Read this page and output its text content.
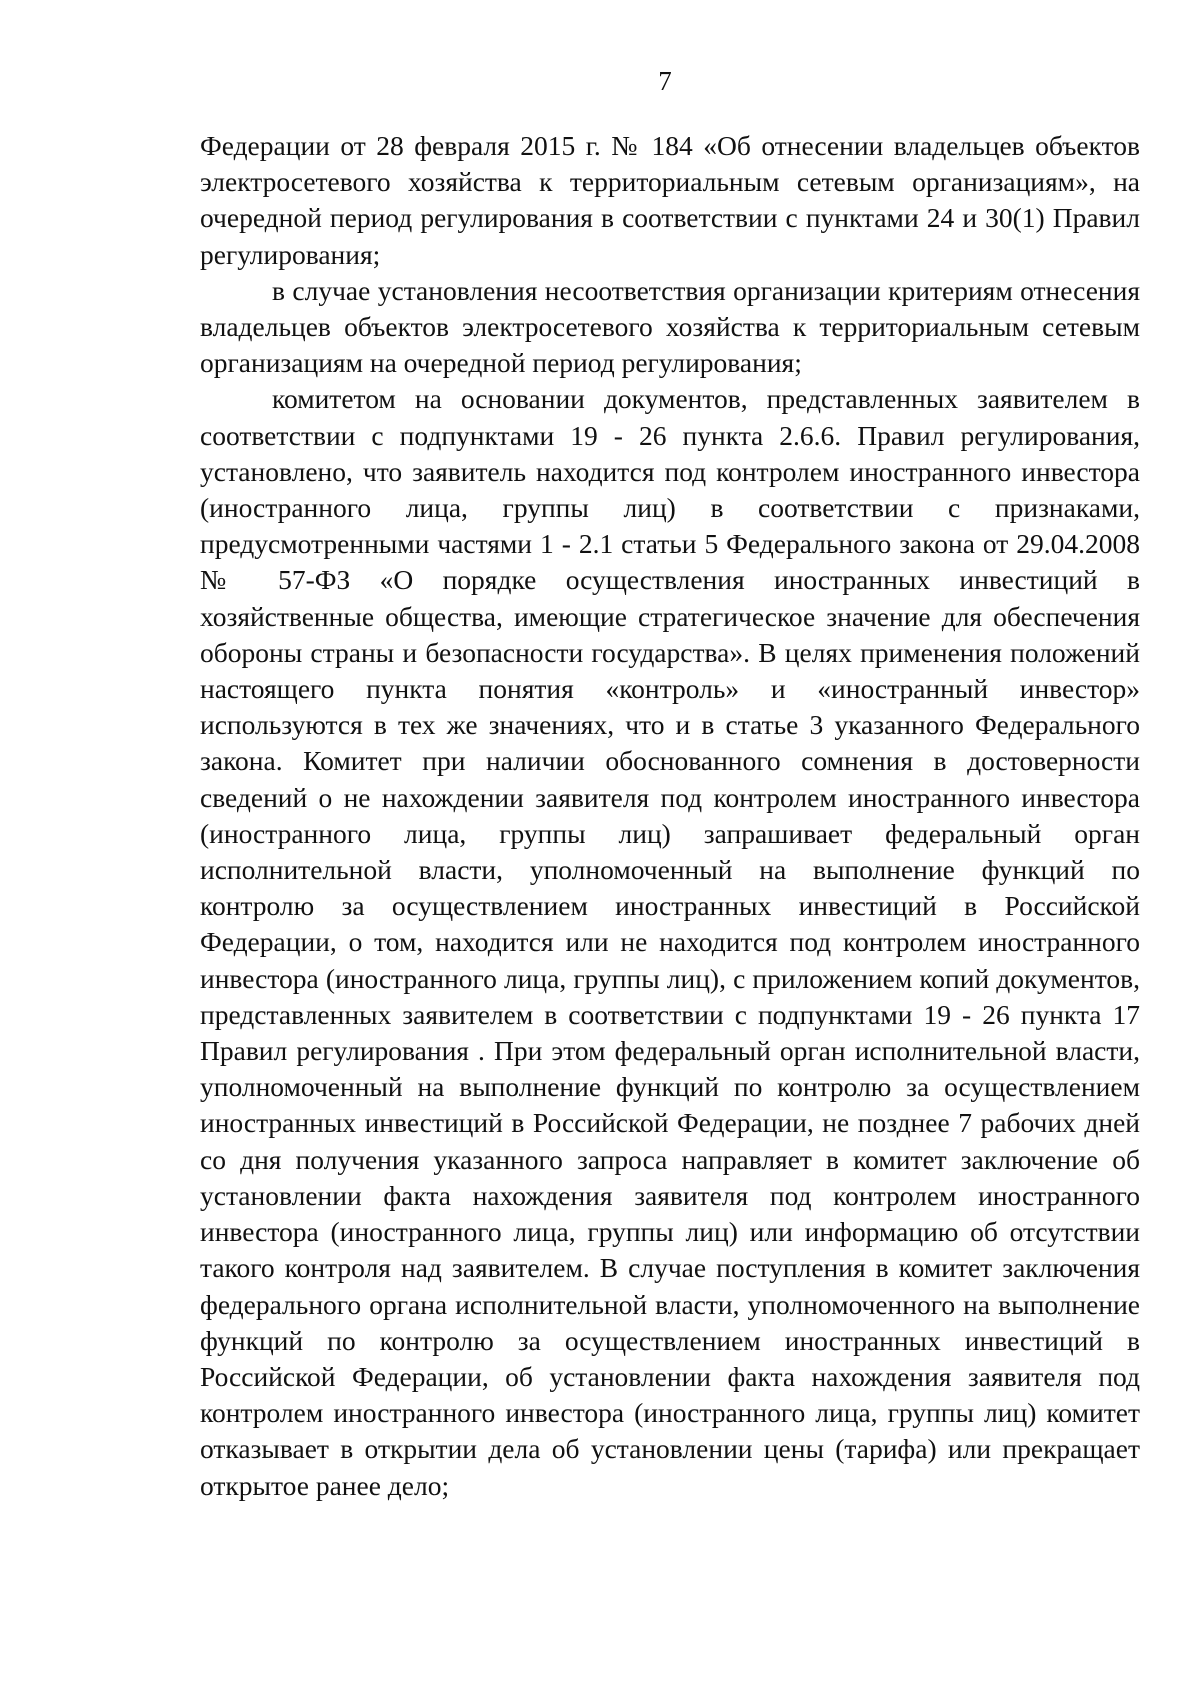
7

Федерации от 28 февраля 2015 г. № 184 «Об отнесении владельцев объектов электросетевого хозяйства к территориальным сетевым организациям», на очередной период регулирования в соответствии с пунктами 24 и 30(1) Правил регулирования;

в случае установления несоответствия организации критериям отнесения владельцев объектов электросетевого хозяйства к территориальным сетевым организациям на очередной период регулирования;

комитетом на основании документов, представленных заявителем в соответствии с подпунктами 19 - 26 пункта 2.6.6. Правил регулирования, установлено, что заявитель находится под контролем иностранного инвестора (иностранного лица, группы лиц) в соответствии с признаками, предусмотренными частями 1 - 2.1 статьи 5 Федерального закона от 29.04.2008 № 57-ФЗ «О порядке осуществления иностранных инвестиций в хозяйственные общества, имеющие стратегическое значение для обеспечения обороны страны и безопасности государства». В целях применения положений настоящего пункта понятия «контроль» и «иностранный инвестор» используются в тех же значениях, что и в статье 3 указанного Федерального закона. Комитет при наличии обоснованного сомнения в достоверности сведений о не нахождении заявителя под контролем иностранного инвестора (иностранного лица, группы лиц) запрашивает федеральный орган исполнительной власти, уполномоченный на выполнение функций по контролю за осуществлением иностранных инвестиций в Российской Федерации, о том, находится или не находится под контролем иностранного инвестора (иностранного лица, группы лиц), с приложением копий документов, представленных заявителем в соответствии с подпунктами 19 - 26 пункта 17 Правил регулирования . При этом федеральный орган исполнительной власти, уполномоченный на выполнение функций по контролю за осуществлением иностранных инвестиций в Российской Федерации, не позднее 7 рабочих дней со дня получения указанного запроса направляет в комитет заключение об установлении факта нахождения заявителя под контролем иностранного инвестора (иностранного лица, группы лиц) или информацию об отсутствии такого контроля над заявителем. В случае поступления в комитет заключения федерального органа исполнительной власти, уполномоченного на выполнение функций по контролю за осуществлением иностранных инвестиций в Российской Федерации, об установлении факта нахождения заявителя под контролем иностранного инвестора (иностранного лица, группы лиц) комитет отказывает в открытии дела об установлении цены (тарифа) или прекращает открытое ранее дело;
